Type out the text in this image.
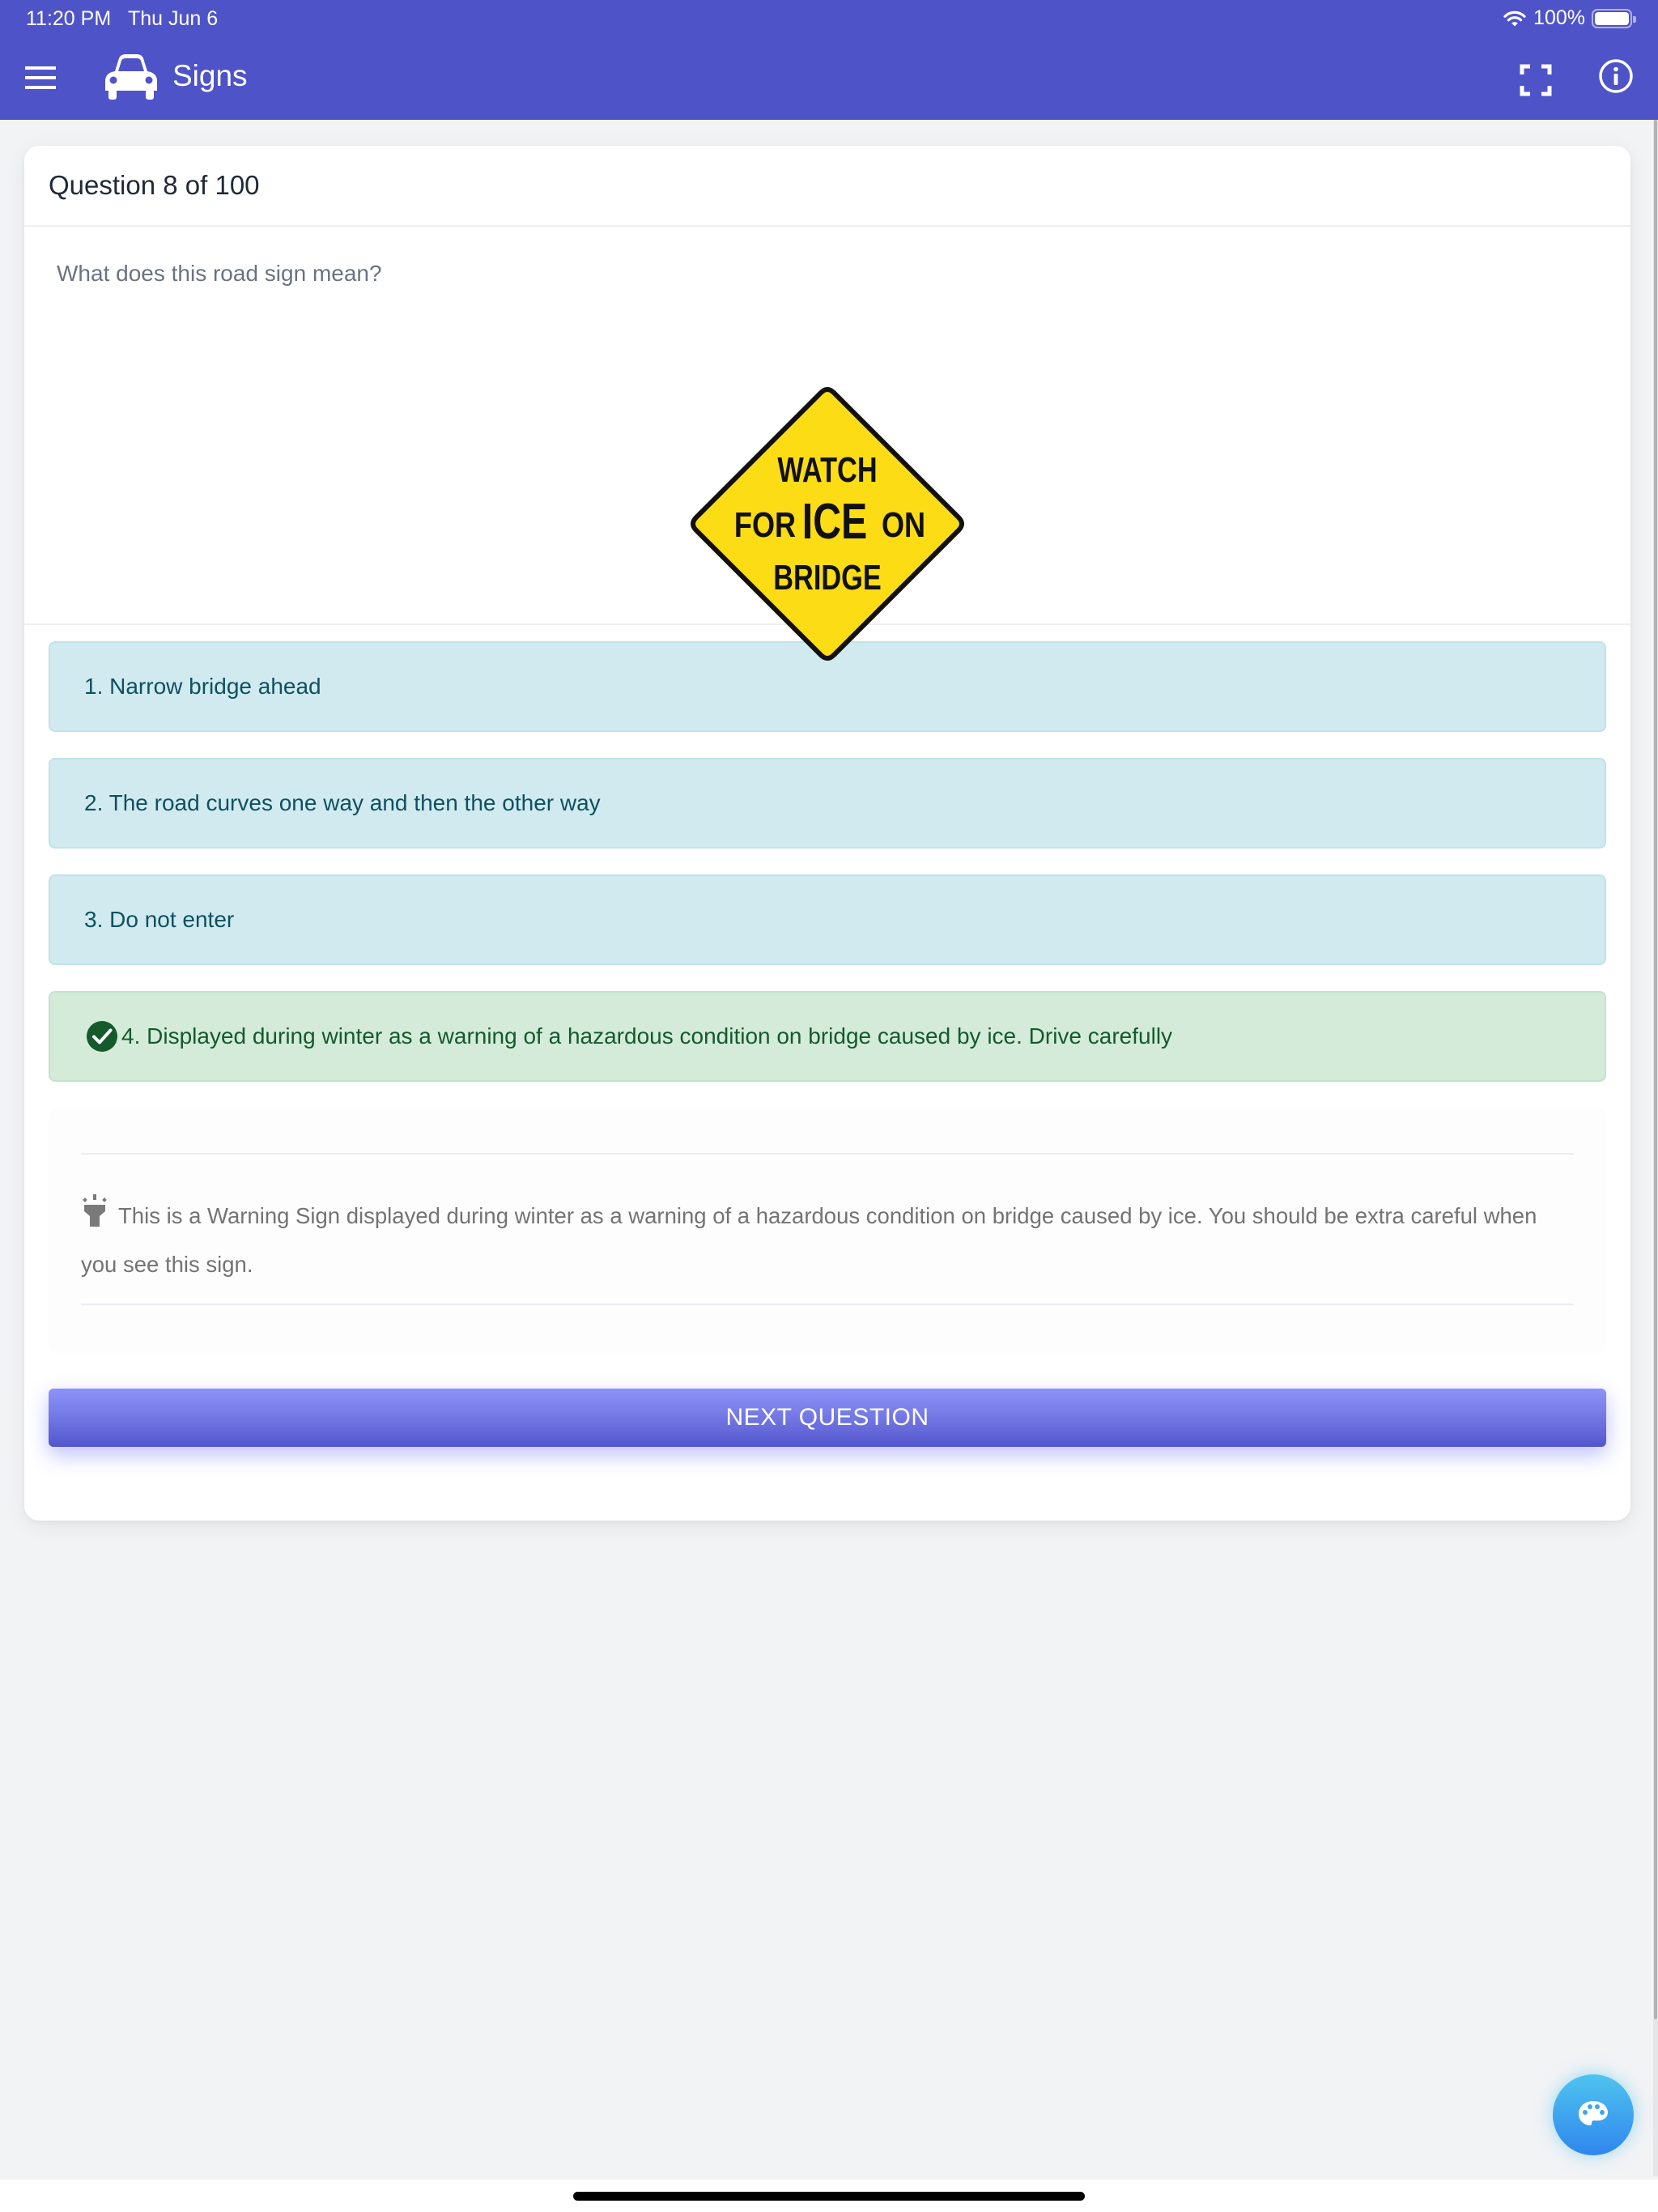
11:20 PM Thu Jun 6	100%
Signs
Question 8 of 100
What does this road sign mean?
WATCH
FOR ICE ON
BRIDGE
1. Narrow bridge ahead
2. The road curves one way and then the other way
3. Do not enter
4. Displayed during winter as a warning of a hazardous condition on bridge caused by ice. Drive carefully
This is a Warning Sign displayed during winter as a warning of a hazardous condition on bridge caused by ice. You should be extra careful when you see this sign.
NEXT QUESTION
